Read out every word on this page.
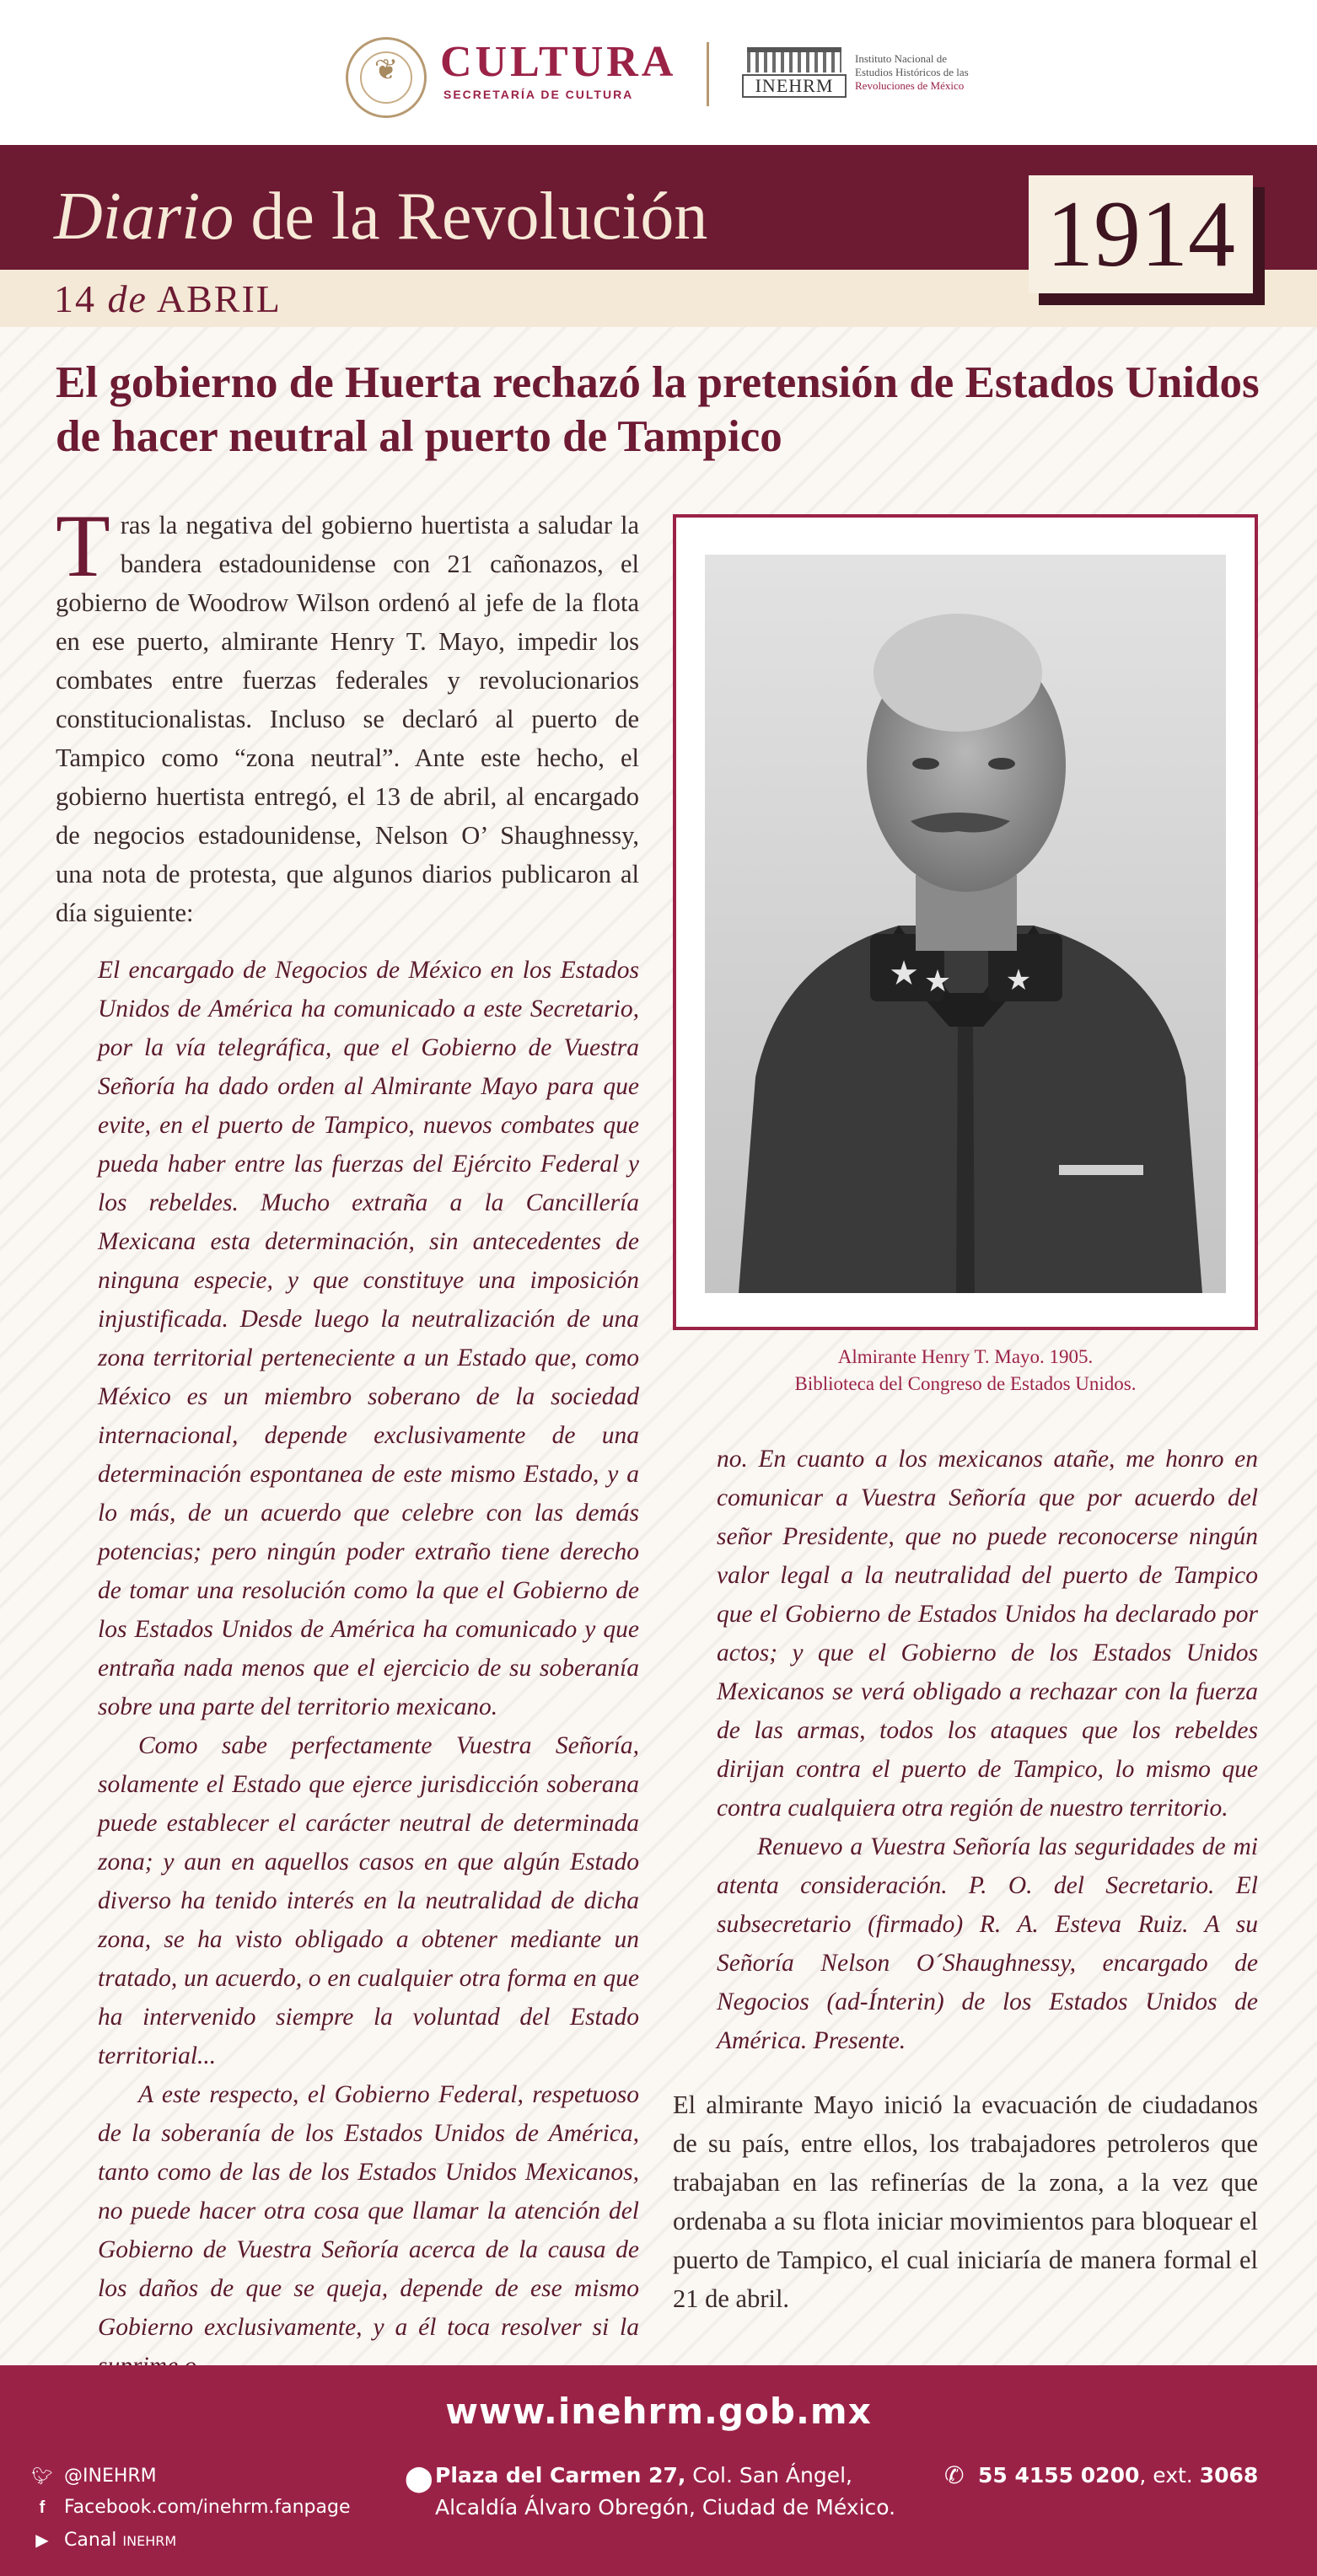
❦ CULTURA
SECRETARÍA DE CULTURA	INEHRM
Instituto Nacional de
Estudios Históricos de las
Revoluciones de México
Diario de la Revolución
14 de ABRIL
1914
El gobierno de Huerta rechazó la pretensión de Estados Unidos de hacer neutral al puerto de Tampico
Tras la negativa del gobierno huertista a saludar la bandera estadounidense con 21 cañonazos, el gobierno de Woodrow Wilson ordenó al jefe de la flota en ese puerto, almirante Henry T. Mayo, impedir los combates entre fuerzas federales y revolucionarios constitucionalistas. Incluso se declaró al puerto de Tampico como “zona neutral”. Ante este hecho, el gobierno huertista entregó, el 13 de abril, al encargado de negocios estadounidense, Nelson O’ Shaughnessy, una nota de protesta, que algunos diarios publicaron al día siguiente:

El encargado de Negocios de México en los Estados Unidos de América ha comunicado a este Secretario, por la vía telegráfica, que el Gobierno de Vuestra Señoría ha dado orden al Almirante Mayo para que evite, en el puerto de Tampico, nuevos combates que pueda haber entre las fuerzas del Ejército Federal y los rebeldes. Mucho extraña a la Cancillería Mexicana esta determinación, sin antecedentes de ninguna especie, y que constituye una imposición injustificada. Desde luego la neutralización de una zona territorial perteneciente a un Estado que, como México es un miembro soberano de la sociedad internacional, depende exclusivamente de una determinación espontanea de este mismo Estado, y a lo más, de un acuerdo que celebre con las demás potencias; pero ningún poder extraño tiene derecho de tomar una resolución como la que el Gobierno de los Estados Unidos de América ha comunicado y que entraña nada menos que el ejercicio de su soberanía sobre una parte del territorio mexicano.

Como sabe perfectamente Vuestra Señoría, solamente el Estado que ejerce jurisdicción soberana puede establecer el carácter neutral de determinada zona; y aun en aquellos casos en que algún Estado diverso ha tenido interés en la neutralidad de dicha zona, se ha visto obligado a obtener mediante un tratado, un acuerdo, o en cualquier otra forma en que ha intervenido siempre la voluntad del Estado territorial...

A este respecto, el Gobierno Federal, respetuoso de la soberanía de los Estados Unidos de América, tanto como de las de los Estados Unidos Mexicanos, no puede hacer otra cosa que llamar la atención del Gobierno de Vuestra Señoría acerca de la causa de los daños de que se queja, depende de ese mismo Gobierno exclusivamente, y a él toca resolver si la

★ ★ ★
Almirante Henry T. Mayo. 1905.
Biblioteca del Congreso de Estados Unidos.

no. En cuanto a los mexicanos atañe, me honro en comunicar a Vuestra Señoría que por acuerdo del señor Presidente, que no puede reconocerse ningún valor legal a la neutralidad del puerto de Tampico que el Gobierno de Estados Unidos ha declarado por actos; y que el Gobierno de los Estados Unidos Mexicanos se verá obligado a rechazar con la fuerza de las armas, todos los ataques que los rebeldes dirijan contra el puerto de Tampico, lo mismo que contra cualquiera otra región de nuestro territorio.

Renuevo a Vuestra Señoría las seguridades de mi atenta consideración. P. O. del Secretario. El subsecretario (firmado) R. A. Esteva Ruiz. A su Señoría Nelson O´Shaughnessy, encargado de Negocios (ad-Ínterin) de los Estados Unidos de América. Presente.

El almirante Mayo inició la evacuación de ciudadanos de su país, entre ellos, los trabajadores petroleros que trabajaban en las refinerías de la zona, a la vez que ordenaba a su flota iniciar movimientos para bloquear el puerto de Tampico, el cual iniciaría de manera formal el 21 de abril.
www.inehrm.gob.mx
🐦︎ @INEHRM
f Facebook.com/inehrm.fanpage
▶ Canal INEHRM
⬤ Plaza del Carmen 27, Col. San Ángel,
Alcaldía Álvaro Obregón, Ciudad de México.
✆ 55 4155 0200, ext. 3068
